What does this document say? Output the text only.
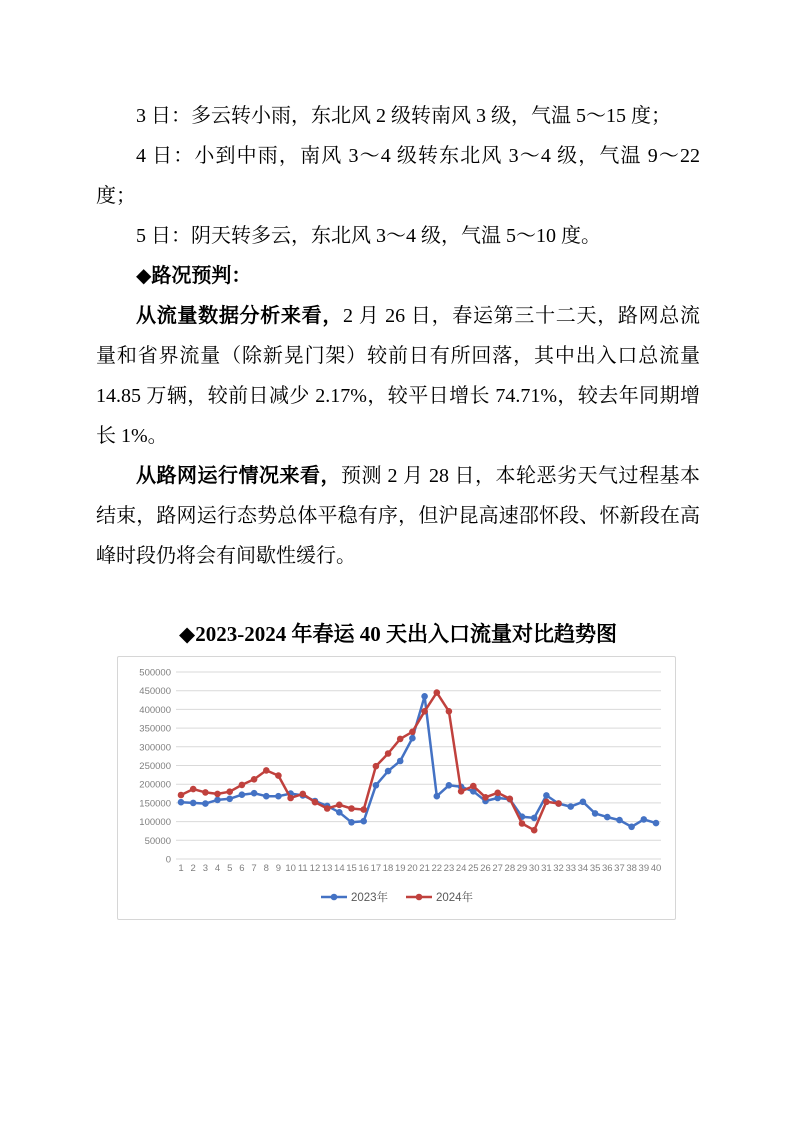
3 日：多云转小雨，东北风 2 级转南风 3 级，气温 5～15 度；
4 日：小到中雨，南风 3～4 级转东北风 3～4 级，气温 9～22 度；
5 日：阴天转多云，东北风 3～4 级，气温 5～10 度。
◆路况预判：
从流量数据分析来看，2 月 26 日，春运第三十二天，路网总流量和省界流量（除新晃门架）较前日有所回落，其中出入口总流量 14.85 万辆，较前日减少 2.17%，较平日增长 74.71%，较去年同期增长 1%。
从路网运行情况来看，预测 2 月 28 日，本轮恶劣天气过程基本结束，路网运行态势总体平稳有序，但沪昆高速邵怀段、怀新段在高峰时段仍将会有间歇性缓行。
◆2023-2024 年春运 40 天出入口流量对比趋势图
0
50000
100000
150000
200000
250000
300000
350000
400000
450000
500000
1 2 3 4 5 6 7 8 9 10 11 12 13 14 15 16 17 18 19 20 21 22 23 24 25 26 27 28 29 30 31 32 33 34 35 36 37 38 39 40
2023年	2024年
